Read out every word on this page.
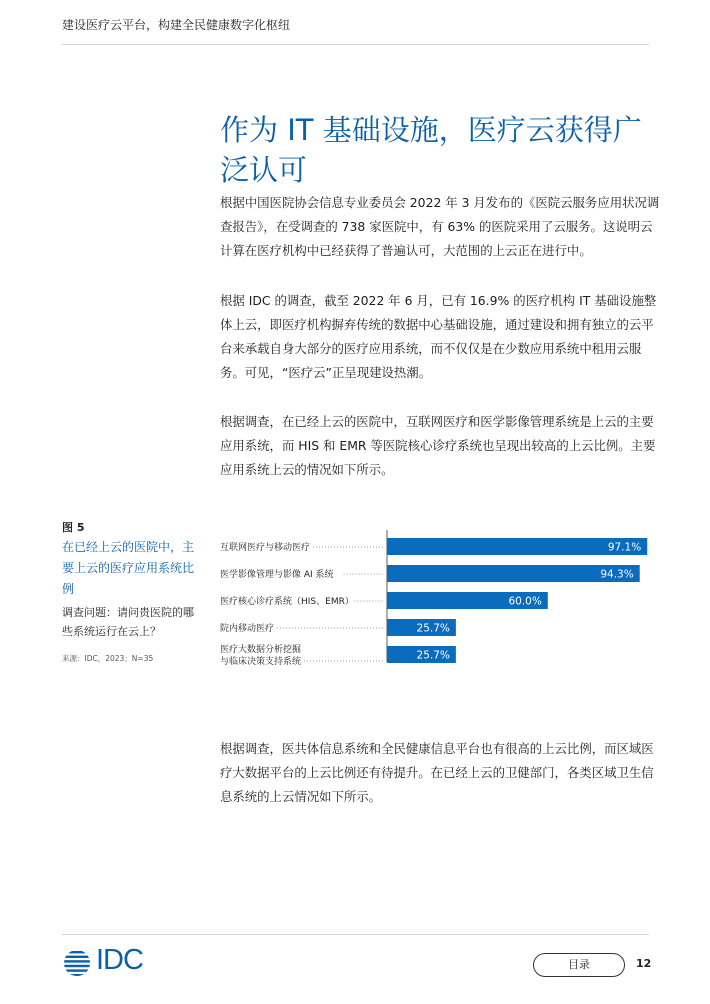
建设医疗云平台，构建全民健康数字化枢纽
作为 IT 基础设施，医疗云获得广泛认可

根据中国医院协会信息专业委员会 2022 年 3 月发布的《医院云服务应用状况调查报告》，在受调查的 738 家医院中，有 63% 的医院采用了云服务。这说明云计算在医疗机构中已经获得了普遍认可，大范围的上云正在进行中。

根据 IDC 的调查，截至 2022 年 6 月，已有 16.9% 的医疗机构 IT 基础设施整体上云，即医疗机构摒弃传统的数据中心基础设施，通过建设和拥有独立的云平台来承载自身大部分的医疗应用系统，而不仅仅是在少数应用系统中租用云服务。可见，“医疗云”正呈现建设热潮。

根据调查，在已经上云的医院中，互联网医疗和医学影像管理系统是上云的主要应用系统，而 HIS 和 EMR 等医院核心诊疗系统也呈现出较高的上云比例。主要应用系统上云的情况如下所示。

图 5
在已经上云的医院中，主要上云的医疗应用系统比例
调查问题：请问贵医院的哪些系统运行在云上？
来源：IDC，2023；N=35
互联网医疗与移动医疗	97.1%
医学影像管理与影像 AI 系统	94.3%
医疗核心诊疗系统（HIS、EMR）	60.0%
院内移动医疗	25.7%
医疗大数据分析挖掘与临床决策支持系统
25.7%

根据调查，医共体信息系统和全民健康信息平台也有很高的上云比例，而区域医疗大数据平台的上云比例还有待提升。在已经上云的卫健部门，各类区域卫生信息系统的上云情况如下所示。

IDC	目录	12
